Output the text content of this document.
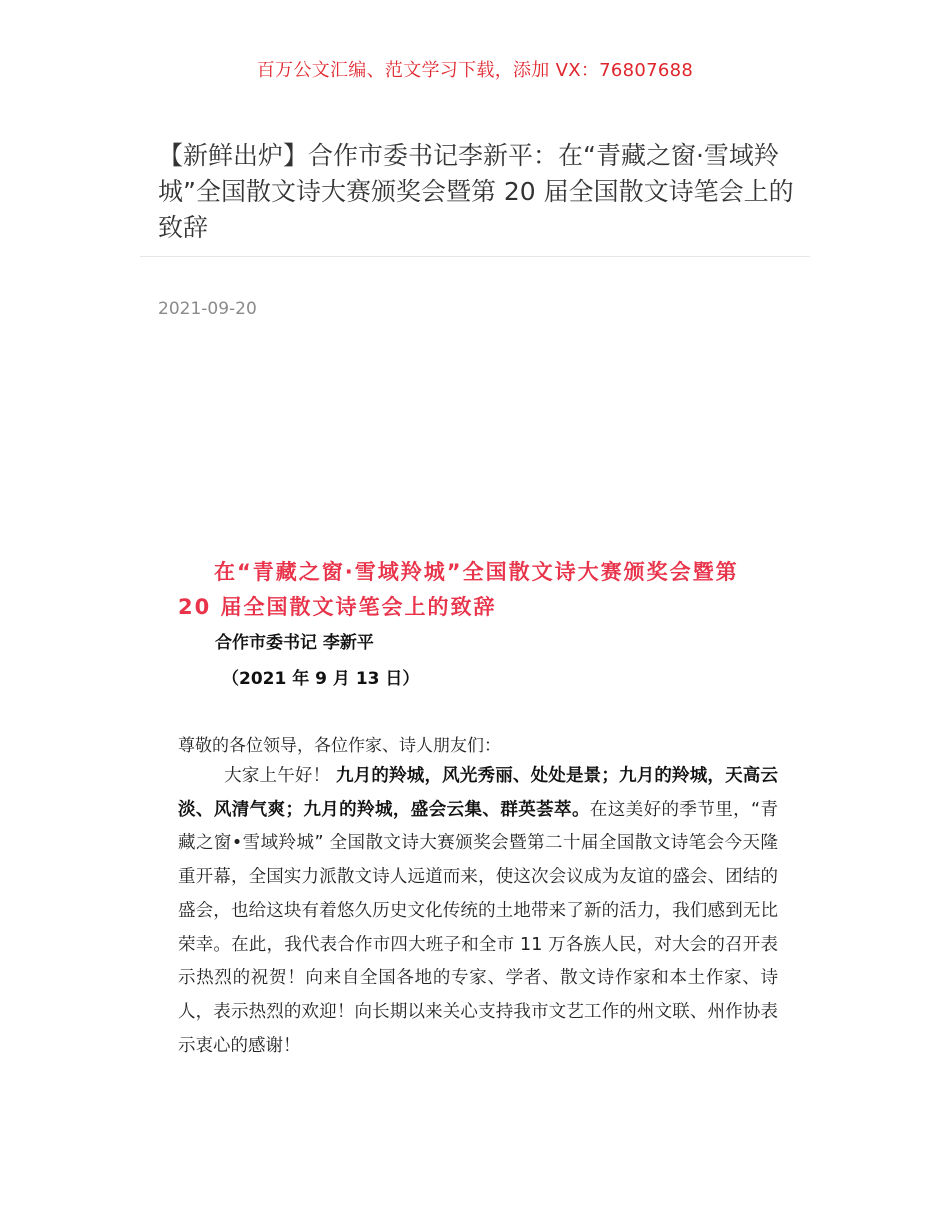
百万公文汇编、范文学习下载，添加 VX：76807688
【新鲜出炉】合作市委书记李新平：在“青藏之窗·雪域羚城”全国散文诗大赛颁奖会暨第 20 届全国散文诗笔会上的致辞
2021-09-20
在“青藏之窗·雪域羚城”全国散文诗大赛颁奖会暨第 20 届全国散文诗笔会上的致辞
合作市委书记 李新平
（2021 年 9 月 13 日）
尊敬的各位领导，各位作家、诗人朋友们：

大家上午好！ 九月的羚城，风光秀丽、处处是景；九月的羚城，天高云淡、风清气爽；九月的羚城，盛会云集、群英荟萃。在这美好的季节里，“青藏之窗•雪域羚城” 全国散文诗大赛颁奖会暨第二十届全国散文诗笔会今天隆重开幕，全国实力派散文诗人远道而来，使这次会议成为友谊的盛会、团结的盛会，也给这块有着悠久历史文化传统的土地带来了新的活力，我们感到无比荣幸。在此，我代表合作市四大班子和全市 11 万各族人民，对大会的召开表示热烈的祝贺！向来自全国各地的专家、学者、散文诗作家和本土作家、诗人，表示热烈的欢迎！向长期以来关心支持我市文艺工作的州文联、州作协表示衷心的感谢！
